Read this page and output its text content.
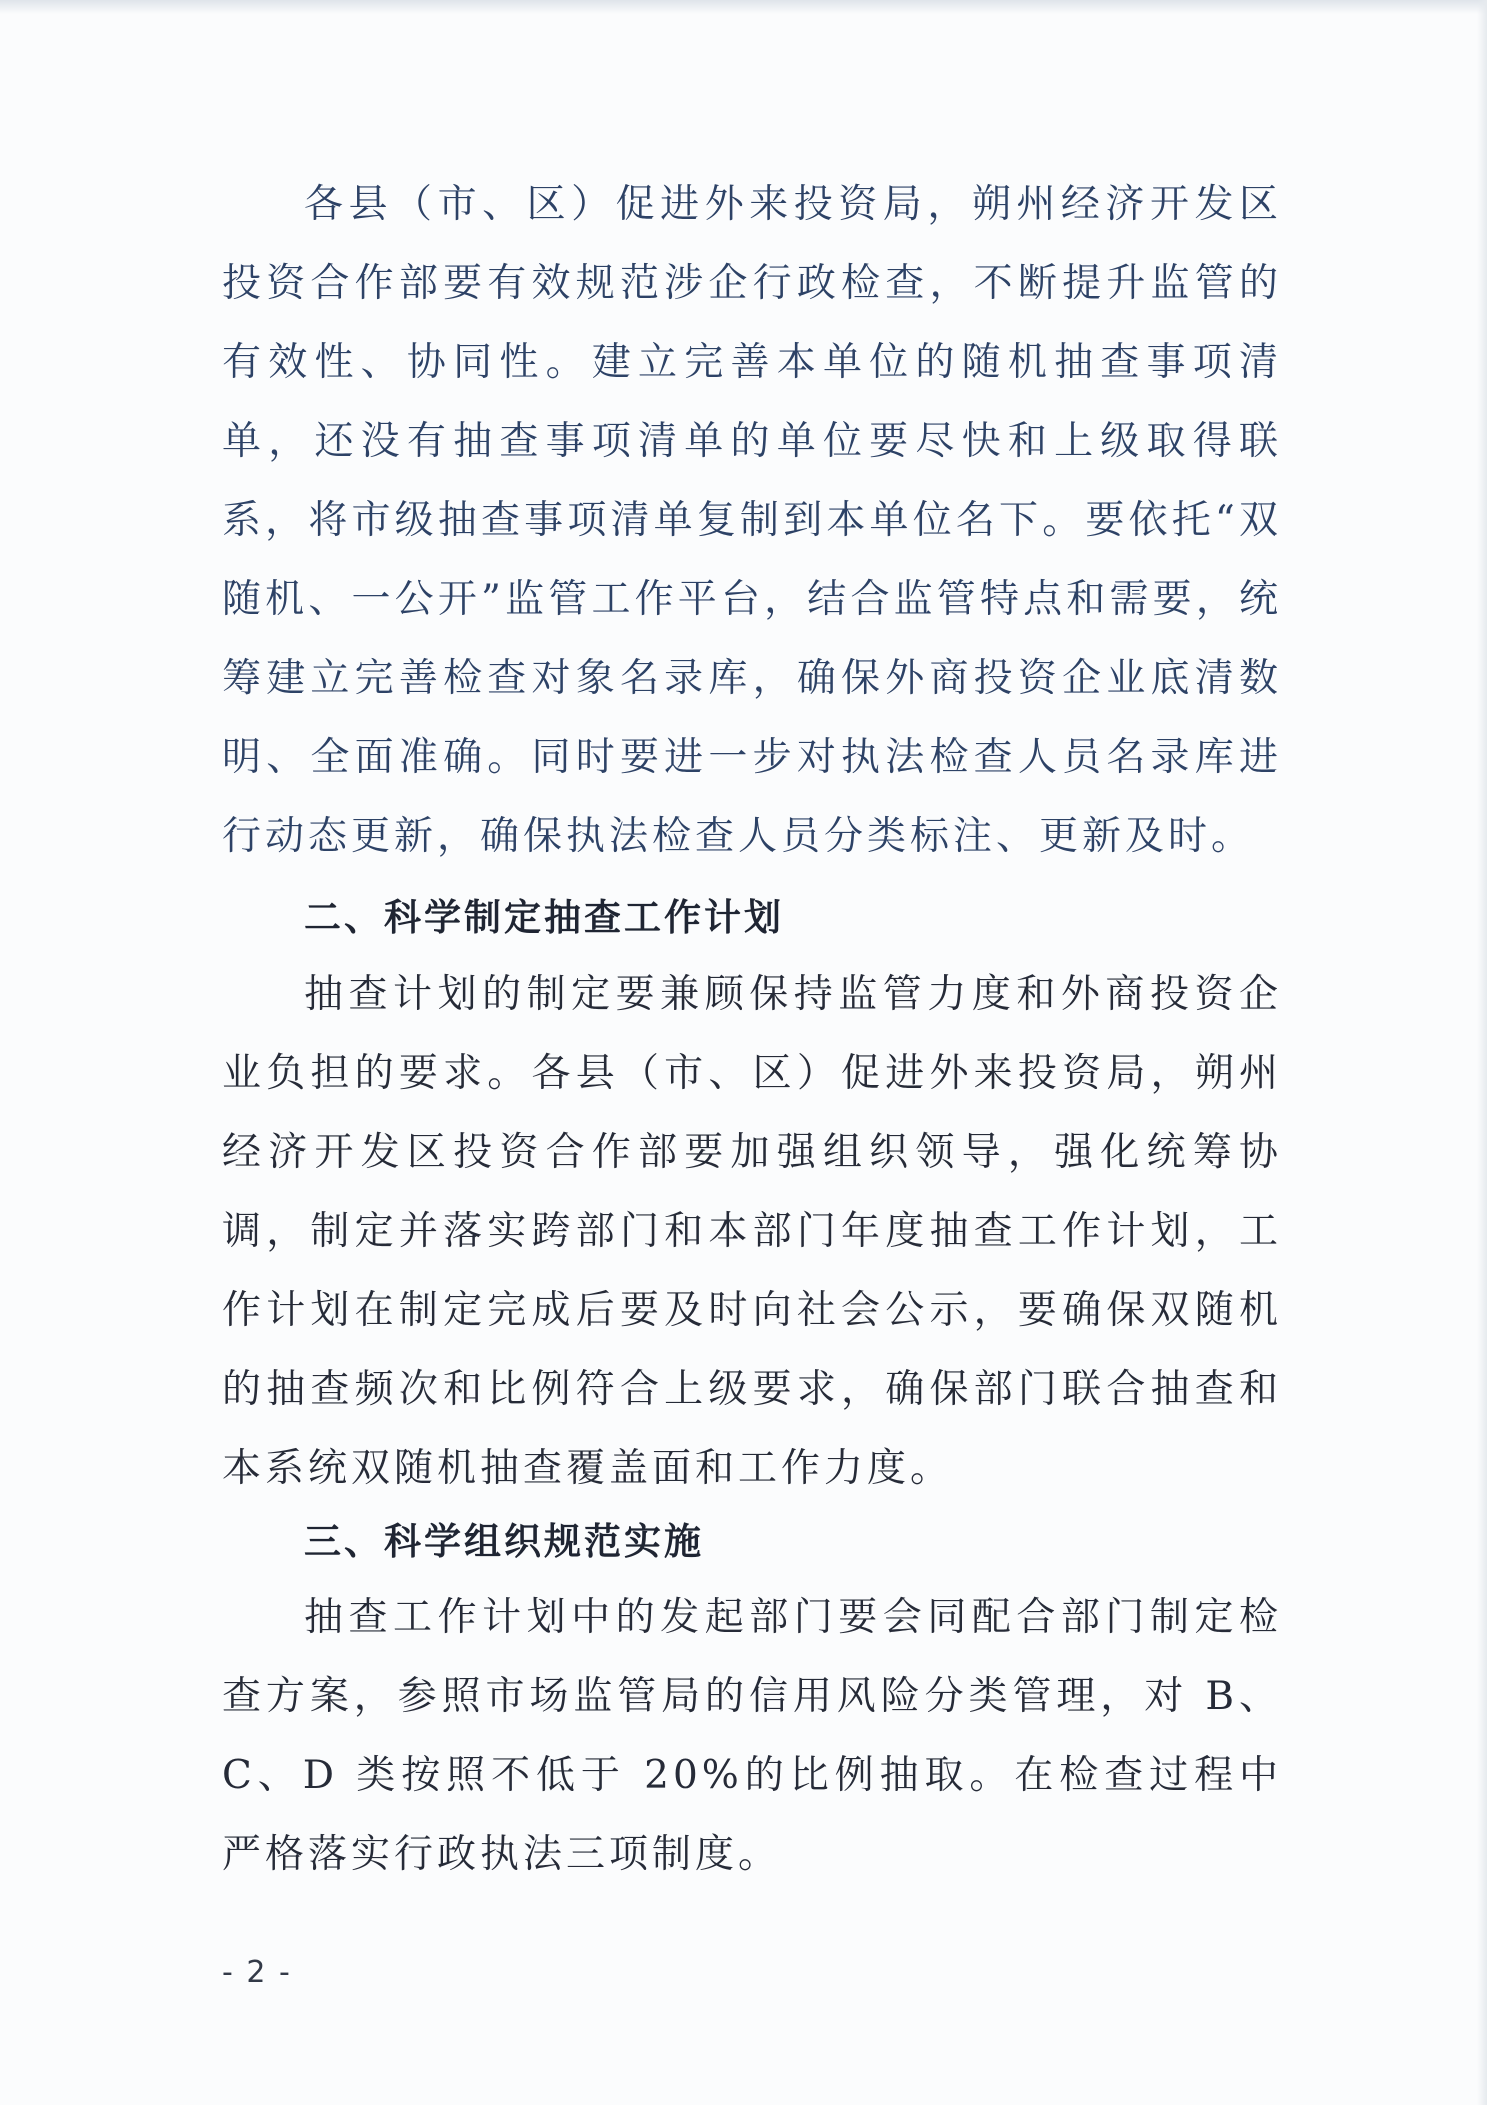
各县（市、区）促进外来投资局，朔州经济开发区投资合作部要有效规范涉企行政检查，不断提升监管的有效性、协同性。建立完善本单位的随机抽查事项清单，还没有抽查事项清单的单位要尽快和上级取得联系，将市级抽查事项清单复制到本单位名下。要依托“双随机、一公开”监管工作平台，结合监管特点和需要，统筹建立完善检查对象名录库，确保外商投资企业底清数明、全面准确。同时要进一步对执法检查人员名录库进行动态更新，确保执法检查人员分类标注、更新及时。

二、科学制定抽查工作计划

抽查计划的制定要兼顾保持监管力度和外商投资企业负担的要求。各县（市、区）促进外来投资局，朔州经济开发区投资合作部要加强组织领导，强化统筹协调，制定并落实跨部门和本部门年度抽查工作计划，工作计划在制定完成后要及时向社会公示，要确保双随机的抽查频次和比例符合上级要求，确保部门联合抽查和本系统双随机抽查覆盖面和工作力度。

三、科学组织规范实施

抽查工作计划中的发起部门要会同配合部门制定检查方案，参照市场监管局的信用风险分类管理，对 B、C、D 类按照不低于 20%的比例抽取。在检查过程中严格落实行政执法三项制度。

- 2 -
